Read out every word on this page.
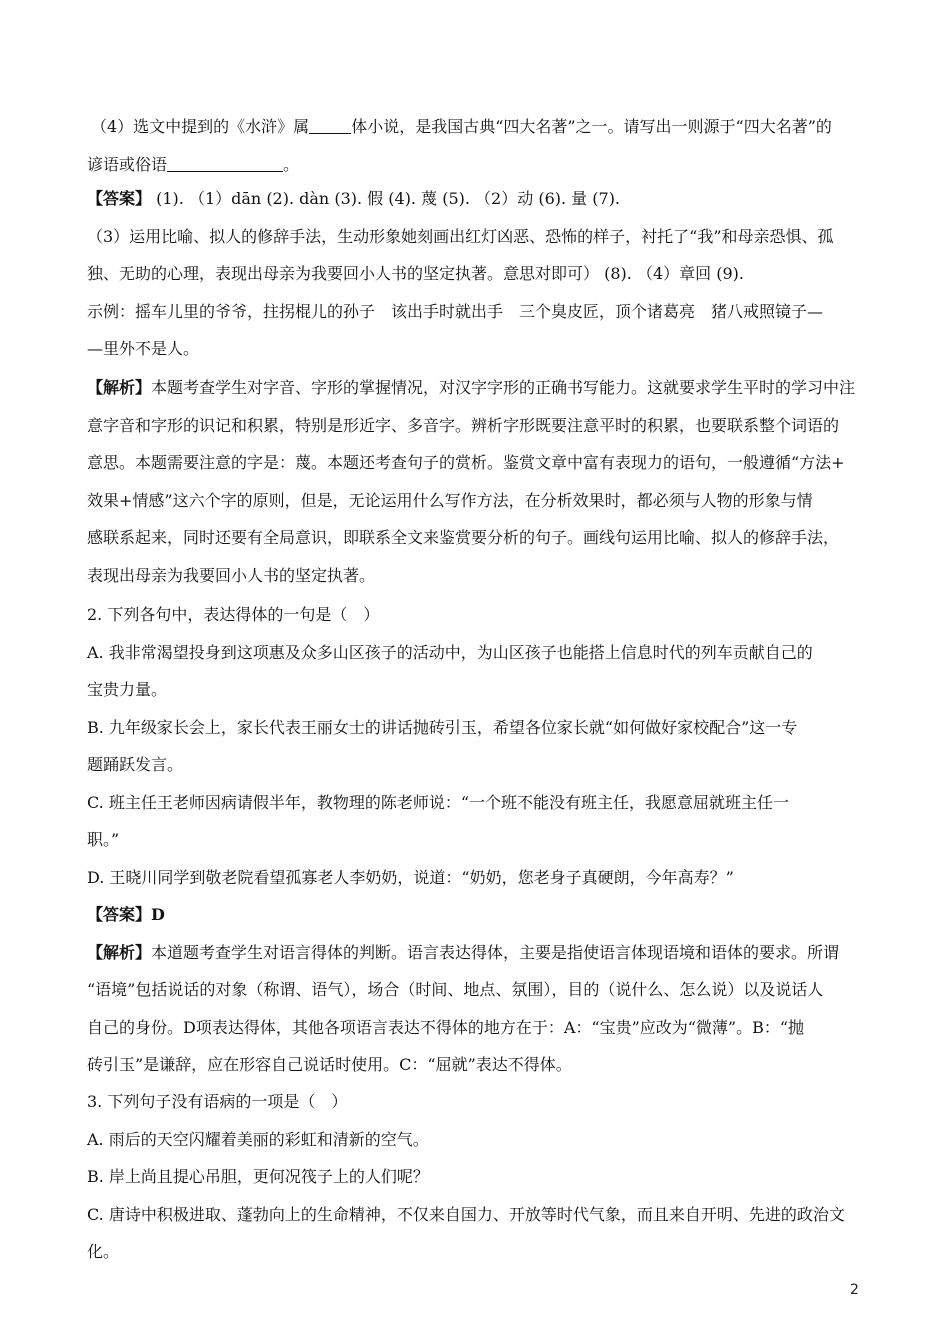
（4）选文中提到的《水浒》属	体小说，是我国古典“四大名著”之一。请写出一则源于“四大名著”的
谚语或俗语	。
【答案】 (1). （1）dān (2). dàn (3). 假 (4). 蔑 (5). （2）动 (6). 量 (7).
（3）运用比喻、拟人的修辞手法，生动形象她刻画出红灯凶恶、恐怖的样子，衬托了“我”和母亲恐惧、孤
独、无助的心理，表现出母亲为我要回小人书的坚定执著。意思对即可） (8). （4）章回 (9).
示例：摇车儿里的爷爷，拄拐棍儿的孙子　该出手时就出手　三个臭皮匠，顶个诸葛亮　猪八戒照镜子—
—里外不是人。
【解析】本题考查学生对字音、字形的掌握情况，对汉字字形的正确书写能力。这就要求学生平时的学习中注
意字音和字形的识记和积累，特别是形近字、多音字。辨析字形既要注意平时的积累，也要联系整个词语的
意思。本题需要注意的字是：蔑。本题还考查句子的赏析。鉴赏文章中富有表现力的语句，一般遵循“方法+
效果+情感”这六个字的原则，但是，无论运用什么写作方法，在分析效果时，都必须与人物的形象与情
感联系起来，同时还要有全局意识，即联系全文来鉴赏要分析的句子。画线句运用比喻、拟人的修辞手法，
表现出母亲为我要回小人书的坚定执著。
2. 下列各句中，表达得体的一句是（　）
A. 我非常渴望投身到这项惠及众多山区孩子的活动中，为山区孩子也能搭上信息时代的列车贡献自己的
宝贵力量。
B. 九年级家长会上，家长代表王丽女士的讲话抛砖引玉，希望各位家长就“如何做好家校配合”这一专
题踊跃发言。
C. 班主任王老师因病请假半年，教物理的陈老师说：“一个班不能没有班主任，我愿意屈就班主任一
职。”
D. 王晓川同学到敬老院看望孤寡老人李奶奶，说道：“奶奶，您老身子真硬朗，今年高寿？”
【答案】D
【解析】本道题考查学生对语言得体的判断。语言表达得体，主要是指使语言体现语境和语体的要求。所谓
“语境”包括说话的对象（称谓、语气），场合（时间、地点、氛围），目的（说什么、怎么说）以及说话人
自己的身份。D项表达得体，其他各项语言表达不得体的地方在于：A：“宝贵”应改为“微薄”。B：“抛
砖引玉”是谦辞，应在形容自己说话时使用。C：“屈就”表达不得体。
3. 下列句子没有语病的一项是（　）
A. 雨后的天空闪耀着美丽的彩虹和清新的空气。
B. 岸上尚且提心吊胆，更何况筏子上的人们呢？
C. 唐诗中积极进取、蓬勃向上的生命精神，不仅来自国力、开放等时代气象，而且来自开明、先进的政治文
化。
2
